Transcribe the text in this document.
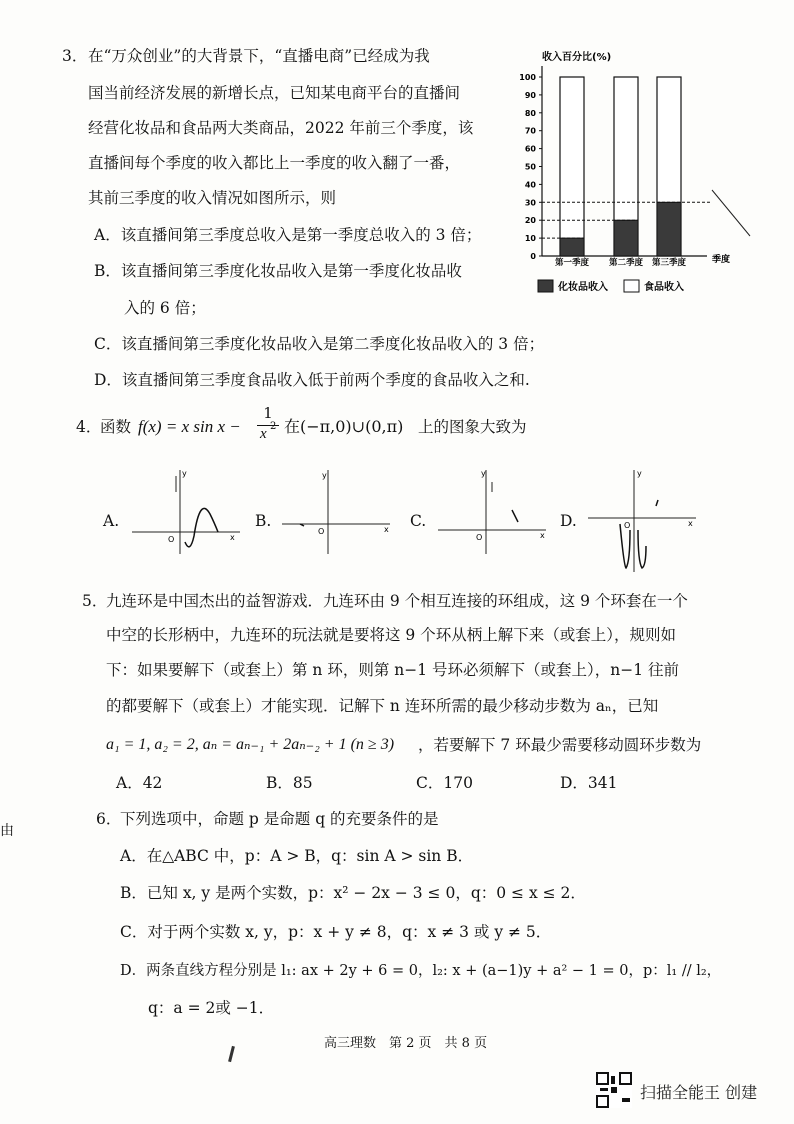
3． 在“万众创业”的大背景下，“直播电商”已经成为我
国当前经济发展的新增长点，已知某电商平台的直播间
经营化妆品和食品两大类商品，2022 年前三个季度，该
直播间每个季度的收入都比上一季度的收入翻了一番，
其前三季度的收入情况如图所示，则
A．该直播间第三季度总收入是第一季度总收入的 3 倍；
B．该直播间第三季度化妆品收入是第一季度化妆品收
入的 6 倍；
C．该直播间第三季度化妆品收入是第二季度化妆品收入的 3 倍；
D．该直播间第三季度食品收入低于前两个季度的食品收入之和.
收入百分比(%)
0
10
20
30
40
50
60
70
80
90
100
第一季度 第二季度 第三季度	季度
化妆品收入	食品收入
4．
函数 f(x) = x sin x −
1
x 2 在(−π,0)∪(0,π) 上的图象大致为
A.
O	x
y
B.
O	x
y
C.
O	x
y
D.	O	x
y
5．
九连环是中国杰出的益智游戏．九连环由 9 个相互连接的环组成，这 9 个环套在一个
中空的长形柄中，九连环的玩法就是要将这 9 个环从柄上解下来（或套上），规则如
下：如果要解下（或套上）第 n 环，则第 n−1 号环必须解下（或套上），n−1 往前
的都要解下（或套上）才能实现．记解下 n 连环所需的最少移动步数为 aₙ，已知
a₁ = 1, a₂ = 2, aₙ = aₙ₋₁ + 2aₙ₋₂ + 1 (n ≥ 3) ，若要解下 7 环最少需要移动圆环步数为
A．42	B．85	C．170	D．341
6．
下列选项中，命题 p 是命题 q 的充要条件的是
A．在△ABC 中，p：A > B，q：sin A > sin B．
B．已知 x, y 是两个实数，p：x² − 2x − 3 ≤ 0，q：0 ≤ x ≤ 2．
C．对于两个实数 x, y，p：x + y ≠ 8，q：x ≠ 3 或 y ≠ 5．
D．两条直线方程分别是 l₁: ax + 2y + 6 = 0，l₂: x + (a−1)y + a² − 1 = 0，p：l₁ // l₂，
q：a = 2或 −1．
由
高三理数　第 2 页　共 8 页
扫描全能王 创建
